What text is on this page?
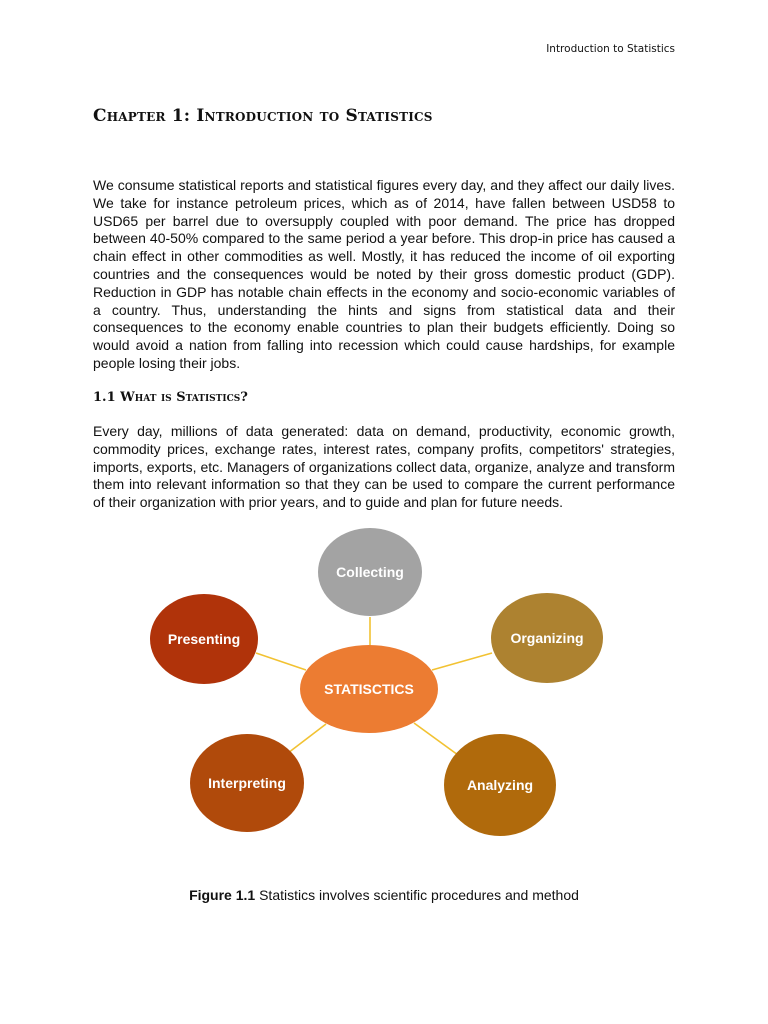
Introduction to Statistics
Chapter 1: Introduction to Statistics

We consume statistical reports and statistical figures every day, and they affect our daily lives. We take for instance petroleum prices, which as of 2014, have fallen between USD58 to USD65 per barrel due to oversupply coupled with poor demand. The price has dropped between 40-50% compared to the same period a year before. This drop-in price has caused a chain effect in other commodities as well. Mostly, it has reduced the income of oil exporting countries and the consequences would be noted by their gross domestic product (GDP). Reduction in GDP has notable chain effects in the economy and socio-economic variables of a country. Thus, understanding the hints and signs from statistical data and their consequences to the economy enable countries to plan their budgets efficiently. Doing so would avoid a nation from falling into recession which could cause hardships, for example people losing their jobs.

1.1 What is Statistics?

Every day, millions of data generated: data on demand, productivity, economic growth, commodity prices, exchange rates, interest rates, company profits, competitors' strategies, imports, exports, etc. Managers of organizations collect data, organize, analyze and transform them into relevant information so that they can be used to compare the current performance of their organization with prior years, and to guide and plan for future needs.

Collecting
Organizing
Analyzing
Interpreting
Presenting
STATISCTICS

Figure 1.1 Statistics involves scientific procedures and method
